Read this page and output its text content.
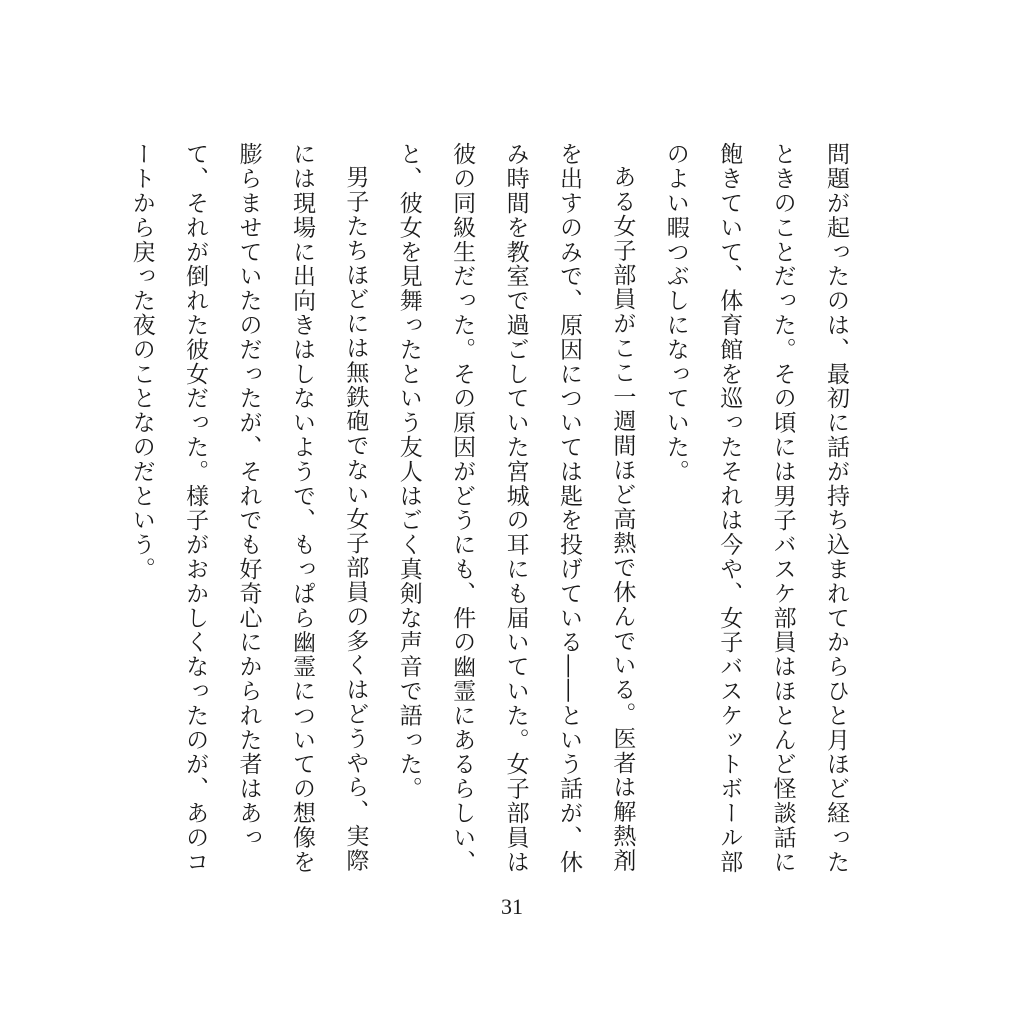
問題が起ったのは、最初に話が持ち込まれてからひと月ほど経ったときのことだった。その頃には男子バスケ部員はほとんど怪談話に飽きていて、体育館を巡ったそれは今や、女子バスケットボール部のよい暇つぶしになっていた。

ある女子部員がここ一週間ほど高熱で休んでいる。医者は解熱剤を出すのみで、原因については匙を投げている――という話が、休み時間を教室で過ごしていた宮城の耳にも届いていた。女子部員は彼の同級生だった。その原因がどうにも、件の幽霊にあるらしい、と、彼女を見舞ったという友人はごく真剣な声音で語った。

男子たちほどには無鉄砲でない女子部員の多くはどうやら、実際には現場に出向きはしないようで、もっぱら幽霊についての想像を膨らませていたのだったが、それでも好奇心にかられた者はあって、それが倒れた彼女だった。様子がおかしくなったのが、あのコートから戻った夜のことなのだという。

31
